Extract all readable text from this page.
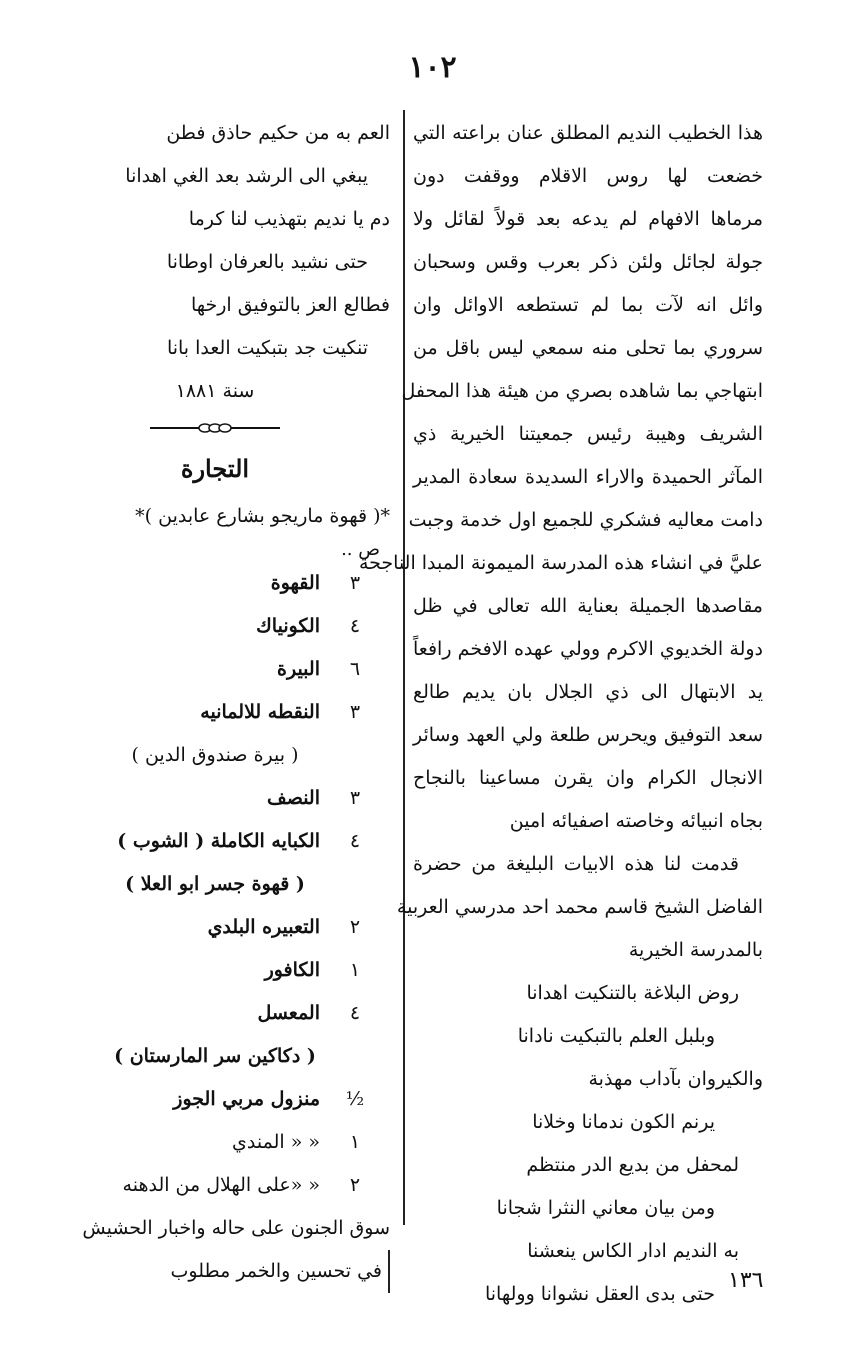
١٠٢
هذا الخطيب النديم المطلق عنان براعته التي
خضعت لها روس الاقلام ووقفت دون
مرماها الافهام لم يدعه بعد قولاً لقائل ولا
جولة لجائل ولئن ذكر بعرب وقس وسحبان
وائل انه لآت بما لم تستطعه الاوائل وان
سروري بما تحلى منه سمعي ليس باقل من
ابتهاجي بما شاهده بصري من هيئة هذا المحفل
الشريف وهيبة رئيس جمعيتنا الخيرية ذي
المآثر الحميدة والاراء السديدة سعادة المدير
دامت معاليه فشكري للجميع اول خدمة وجبت
عليَّ في انشاء هذه المدرسة الميمونة المبدا الناجحة
مقاصدها الجميلة بعناية الله تعالى في ظل
دولة الخديوي الاكرم وولي عهده الافخم رافعاً
يد الابتهال الى ذي الجلال بان يديم طالع
سعد التوفيق ويحرس طلعة ولي العهد وسائر
الانجال الكرام وان يقرن مساعينا بالنجاح
بجاه انبيائه وخاصته اصفيائه امين
قدمت لنا هذه الابيات البليغة من حضرة
الفاضل الشيخ قاسم محمد احد مدرسي العربية
بالمدرسة الخيرية
روض البلاغة بالتنكيت اهدانا
وبلبل العلم بالتبكيت نادانا
والكيروان بآداب مهذبة
يرنم الكون ندمانا وخلانا
لمحفل من بديع الدر منتظم
ومن بيان معاني النثرا شجانا
به النديم ادار الكاس ينعشنا
حتى بدى العقل نشوانا وولهانا
العم به من حكيم حاذق فطن
يبغي الى الرشد بعد الغي اهدانا
دم يا نديم بتهذيب لنا كرما
حتى نشيد بالعرفان اوطانا
فطالع العز بالتوفيق ارخها
تنكيت جد بتبكيت العدا بانا
سنة ١٨٨١
التجارة
*( قهوة ماريجو بشارع عابدين )*
ص ..
٣
القهوة
٤
الكونياك
٦
البيرة
٣
النقطه للالمانيه
( بيرة صندوق الدين )
٣
النصف
٤
الكبايه الكاملة ( الشوب )
( قهوة جسر ابو العلا )
٢
التعبيره البلدي
١
الكافور
٤
المعسل
( دكاكين سر المارستان )
½
منزول مربي الجوز
١
« « المندي
٢
« «على الهلال من الدهنه
سوق الجنون على حاله واخبار الحشيش
في تحسين والخمر مطلوب	١٣٦
